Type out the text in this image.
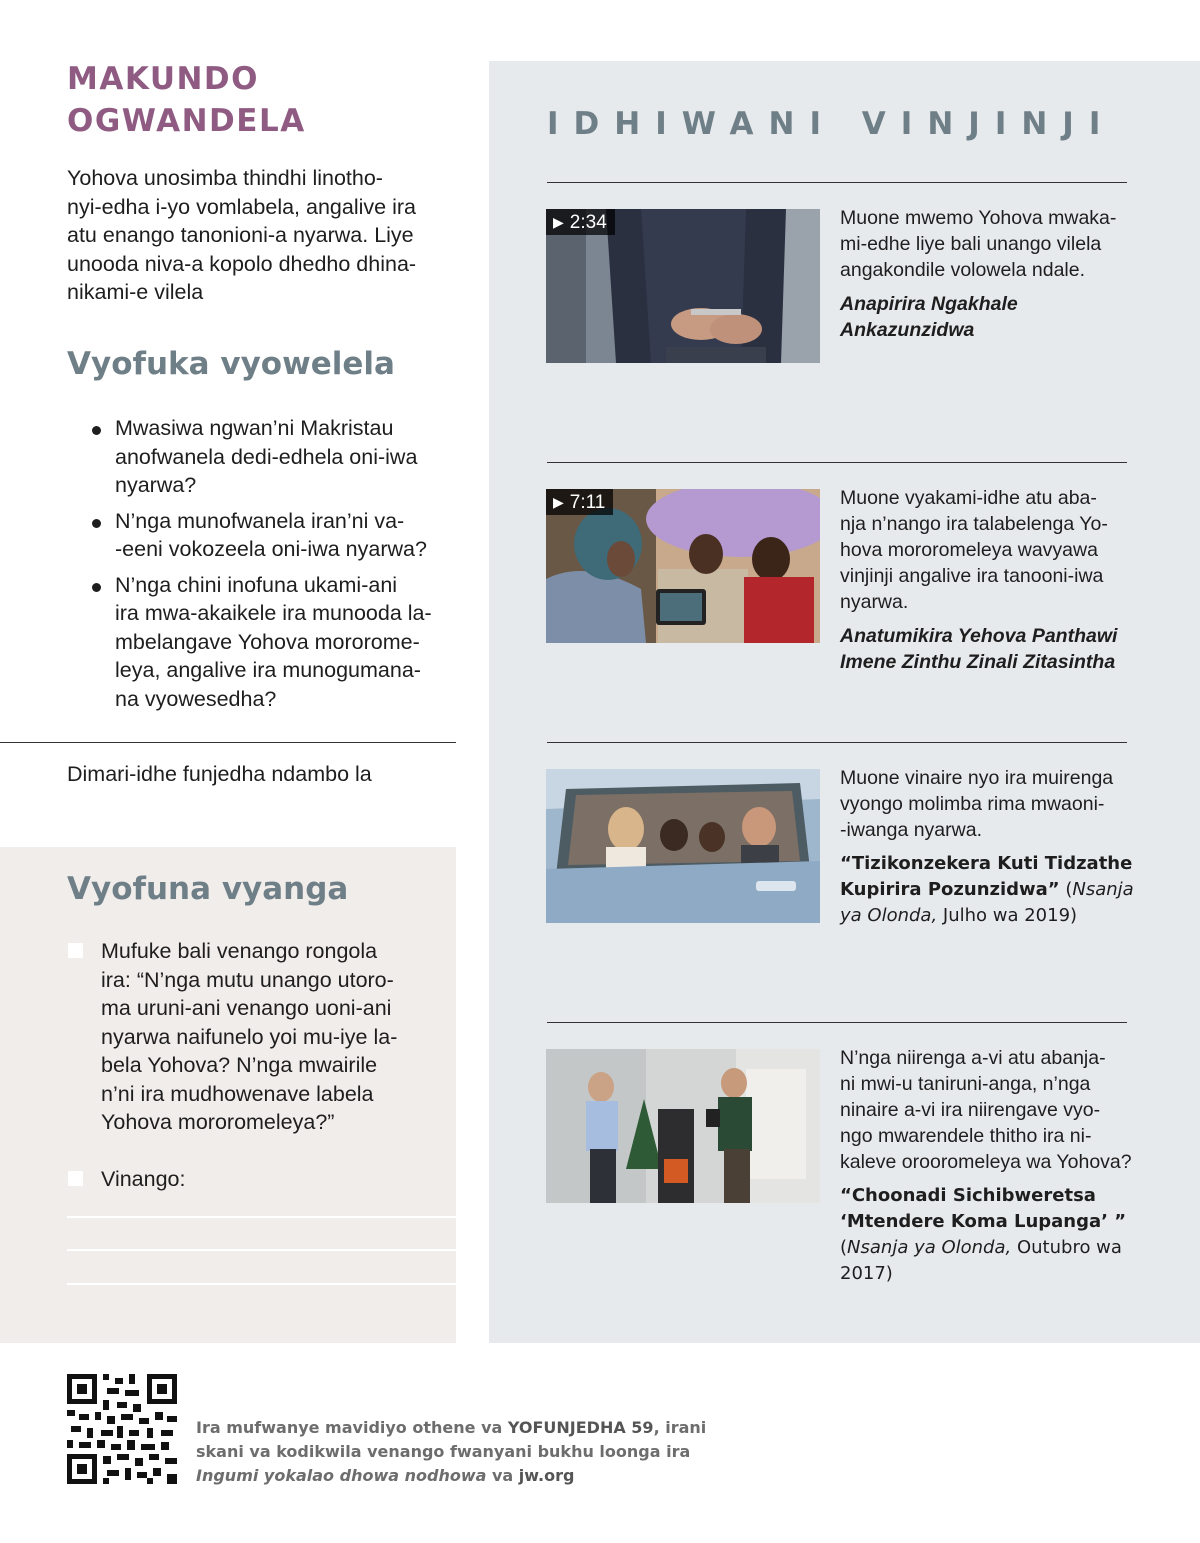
MAKUNDO
OGWANDELA
Yohova unosimba thindhi linotho-
nyi-edha i-yo vomlabela, angalive ira
atu enango tanonioni-a nyarwa. Liye
unooda niva-a kopolo dhedho dhina-
nikami-e vilela
Vyofuka vyowelela
Mwasiwa ngwan’ni Makristau
anofwanela dedi-edhela oni-iwa
nyarwa?
N’nga munofwanela iran’ni va-
-eeni vokozeela oni-iwa nyarwa?
N’nga chini inofuna ukami-ani
ira mwa-akaikele ira munooda la-
mbelangave Yohova mororome-
leya, angalive ira munogumana-
na vyowesedha?
Dimari-idhe funjedha ndambo la
Vyofuna vyanga
Mufuke bali venango rongola
ira: “N’nga mutu unango utoro-
ma uruni-ani venango uoni-ani
nyarwa naifunelo yoi mu-iye la-
bela Yohova? N’nga mwairile
n’ni ira mudhowenave labela
Yohova mororomeleya?”
Vinango:
IDHIWANI VINJINJI
▶ 2:34	Muone mwemo Yohova mwaka-
mi-edhe liye bali unango vilela
angakondile volowela ndale.
Anapirira Ngakhale
Ankazunzidwa
▶ 7:11	Muone vyakami-idhe atu aba-
nja n’nango ira talabelenga Yo-
hova mororomeleya wavyawa
vinjinji angalive ira tanooni-iwa
nyarwa.
Anatumikira Yehova Panthawi
Imene Zinthu Zinali Zitasintha
Muone vinaire nyo ira muirenga
vyongo molimba rima mwaoni-
-iwanga nyarwa.
“Tizikonzekera Kuti Tidzathe
Kupirira Pozunzidwa” (Nsanja
ya Olonda, Julho wa 2019)
N’nga niirenga a-vi atu abanja-
ni mwi-u taniruni-anga, n’nga
ninaire a-vi ira niirengave vyo-
ngo mwarendele thitho ira ni-
kaleve orooromeleya wa Yohova?
“Choonadi Sichibweretsa
‘Mtendere Koma Lupanga’ ”
(Nsanja ya Olonda, Outubro wa
2017)
Ira mufwanye mavidiyo othene va YOFUNJEDHA 59, irani
skani va kodikwila venango fwanyani bukhu loonga ira
Ingumi yokalao dhowa nodhowa va jw.org
